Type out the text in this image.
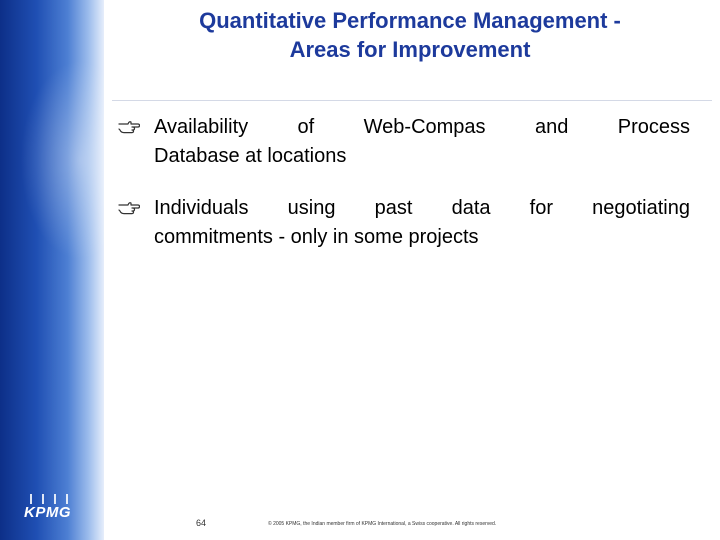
Quantitative Performance Management -
Areas for Improvement
Availability of Web-Compas and Process
Database at locations
Individuals using past data for negotiating
commitments - only in some projects
KPMG
64	© 2005 KPMG, the Indian member firm of KPMG International, a Swiss cooperative. All rights reserved.
